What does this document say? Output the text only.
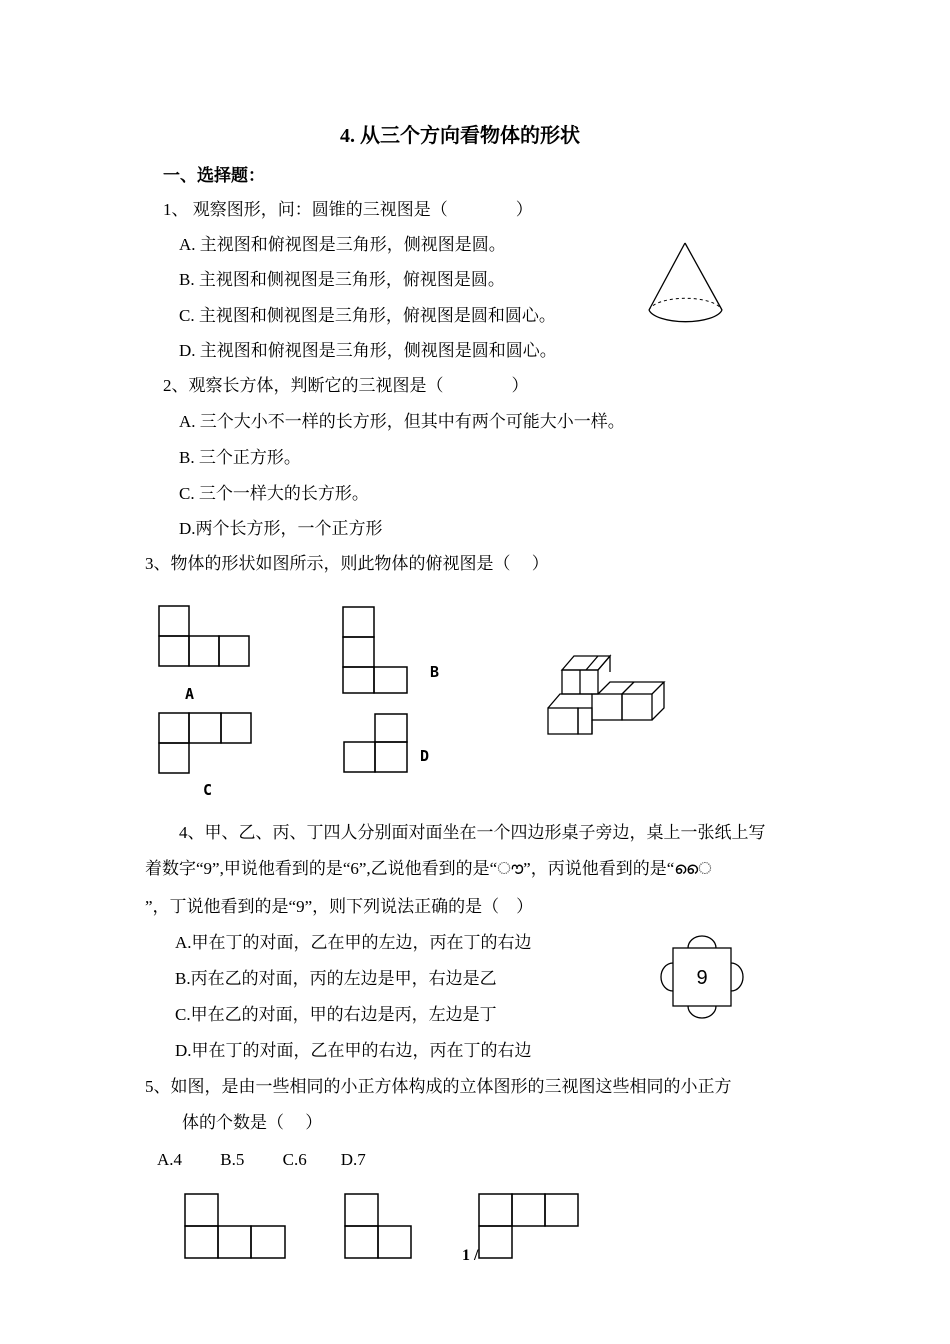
4. 从三个方向看物体的形状
一、选择题：
1、 观察图形，问：圆锥的三视图是（　　　　）
A. 主视图和俯视图是三角形，侧视图是圆。
B. 主视图和侧视图是三角形，俯视图是圆。
C. 主视图和侧视图是三角形，俯视图是圆和圆心。
D. 主视图和俯视图是三角形，侧视图是圆和圆心。
2、观察长方体，判断它的三视图是（　　　　）
A. 三个大小不一样的长方形，但其中有两个可能大小一样。
B. 三个正方形。
C. 三个一样大的长方形。
D.两个长方形，一个正方形
3、物体的形状如图所示，则此物体的俯视图是（　 ）
A
B
C
D
4、甲、乙、丙、丁四人分别面对面坐在一个四边形桌子旁边，桌上一张纸上写
着数字“9”,甲说他看到的是“6”,乙说他看到的是“ൗ”，丙说他看到的是“ൈ
”，丁说他看到的是“9”，则下列说法正确的是（　）
A.甲在丁的对面，乙在甲的左边，丙在丁的右边
B.丙在乙的对面，丙的左边是甲，右边是乙
C.甲在乙的对面，甲的右边是丙，左边是丁
D.甲在丁的对面，乙在甲的右边，丙在丁的右边
9
5、如图，是由一些相同的小正方体构成的立体图形的三视图这些相同的小正方
体的个数是（　 ）
A.4　　 B.5　　 C.6　　D.7
1 /
